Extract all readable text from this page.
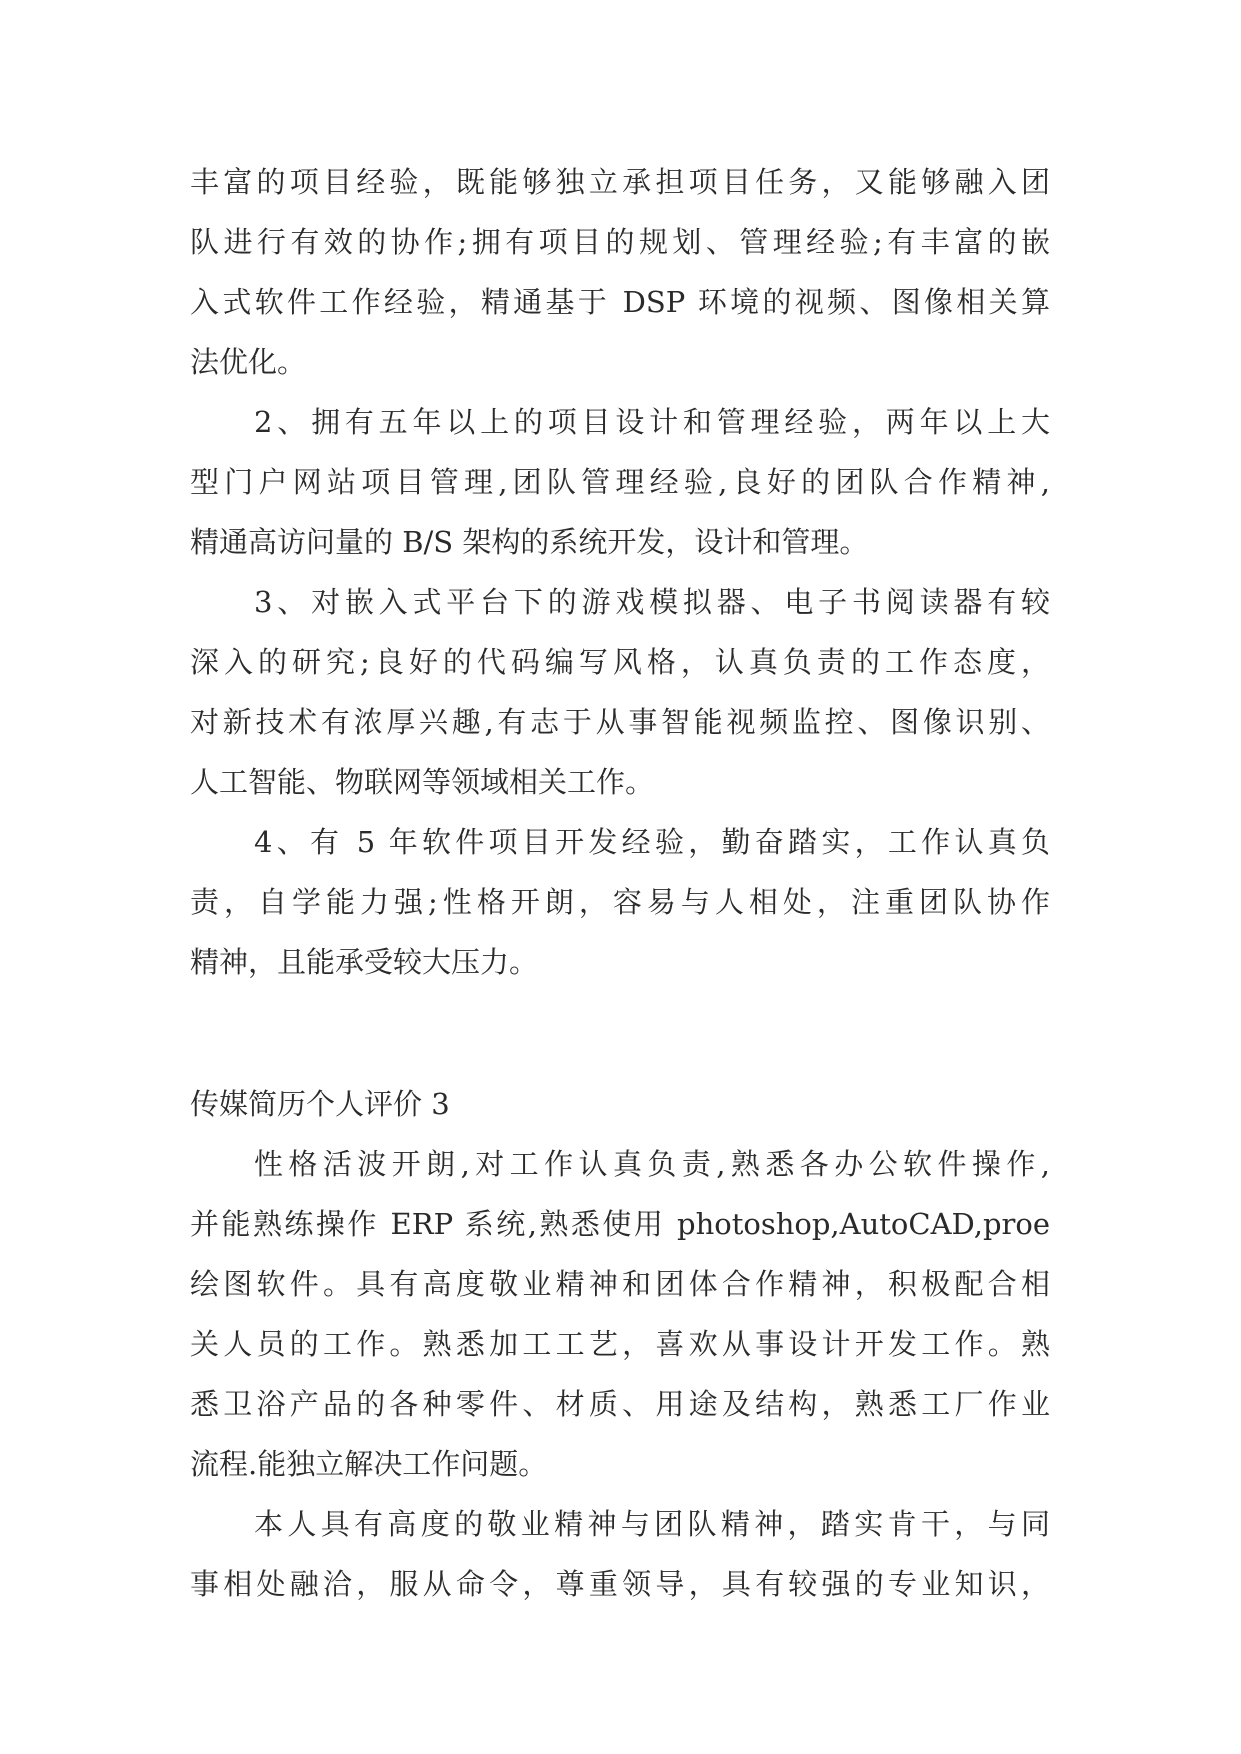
丰富的项目经验，既能够独立承担项目任务，又能够融入团
队进行有效的协作;拥有项目的规划、管理经验;有丰富的嵌
入式软件工作经验，精通基于 DSP 环境的视频、图像相关算
法优化。
2、拥有五年以上的项目设计和管理经验，两年以上大
型门户网站项目管理,团队管理经验,良好的团队合作精神,
精通高访问量的 B/S 架构的系统开发，设计和管理。
3、对嵌入式平台下的游戏模拟器、电子书阅读器有较
深入的研究;良好的代码编写风格，认真负责的工作态度，
对新技术有浓厚兴趣,有志于从事智能视频监控、图像识别、
人工智能、物联网等领域相关工作。
4、有 5 年软件项目开发经验，勤奋踏实，工作认真负
责，自学能力强;性格开朗，容易与人相处，注重团队协作
精神，且能承受较大压力。
传媒简历个人评价 3
性格活波开朗,对工作认真负责,熟悉各办公软件操作,
并能熟练操作 ERP 系统,熟悉使用 photoshop,AutoCAD,proe
绘图软件。具有高度敬业精神和团体合作精神，积极配合相
关人员的工作。熟悉加工工艺，喜欢从事设计开发工作。熟
悉卫浴产品的各种零件、材质、用途及结构，熟悉工厂作业
流程.能独立解决工作问题。
本人具有高度的敬业精神与团队精神，踏实肯干，与同
事相处融洽，服从命令，尊重领导，具有较强的专业知识，
